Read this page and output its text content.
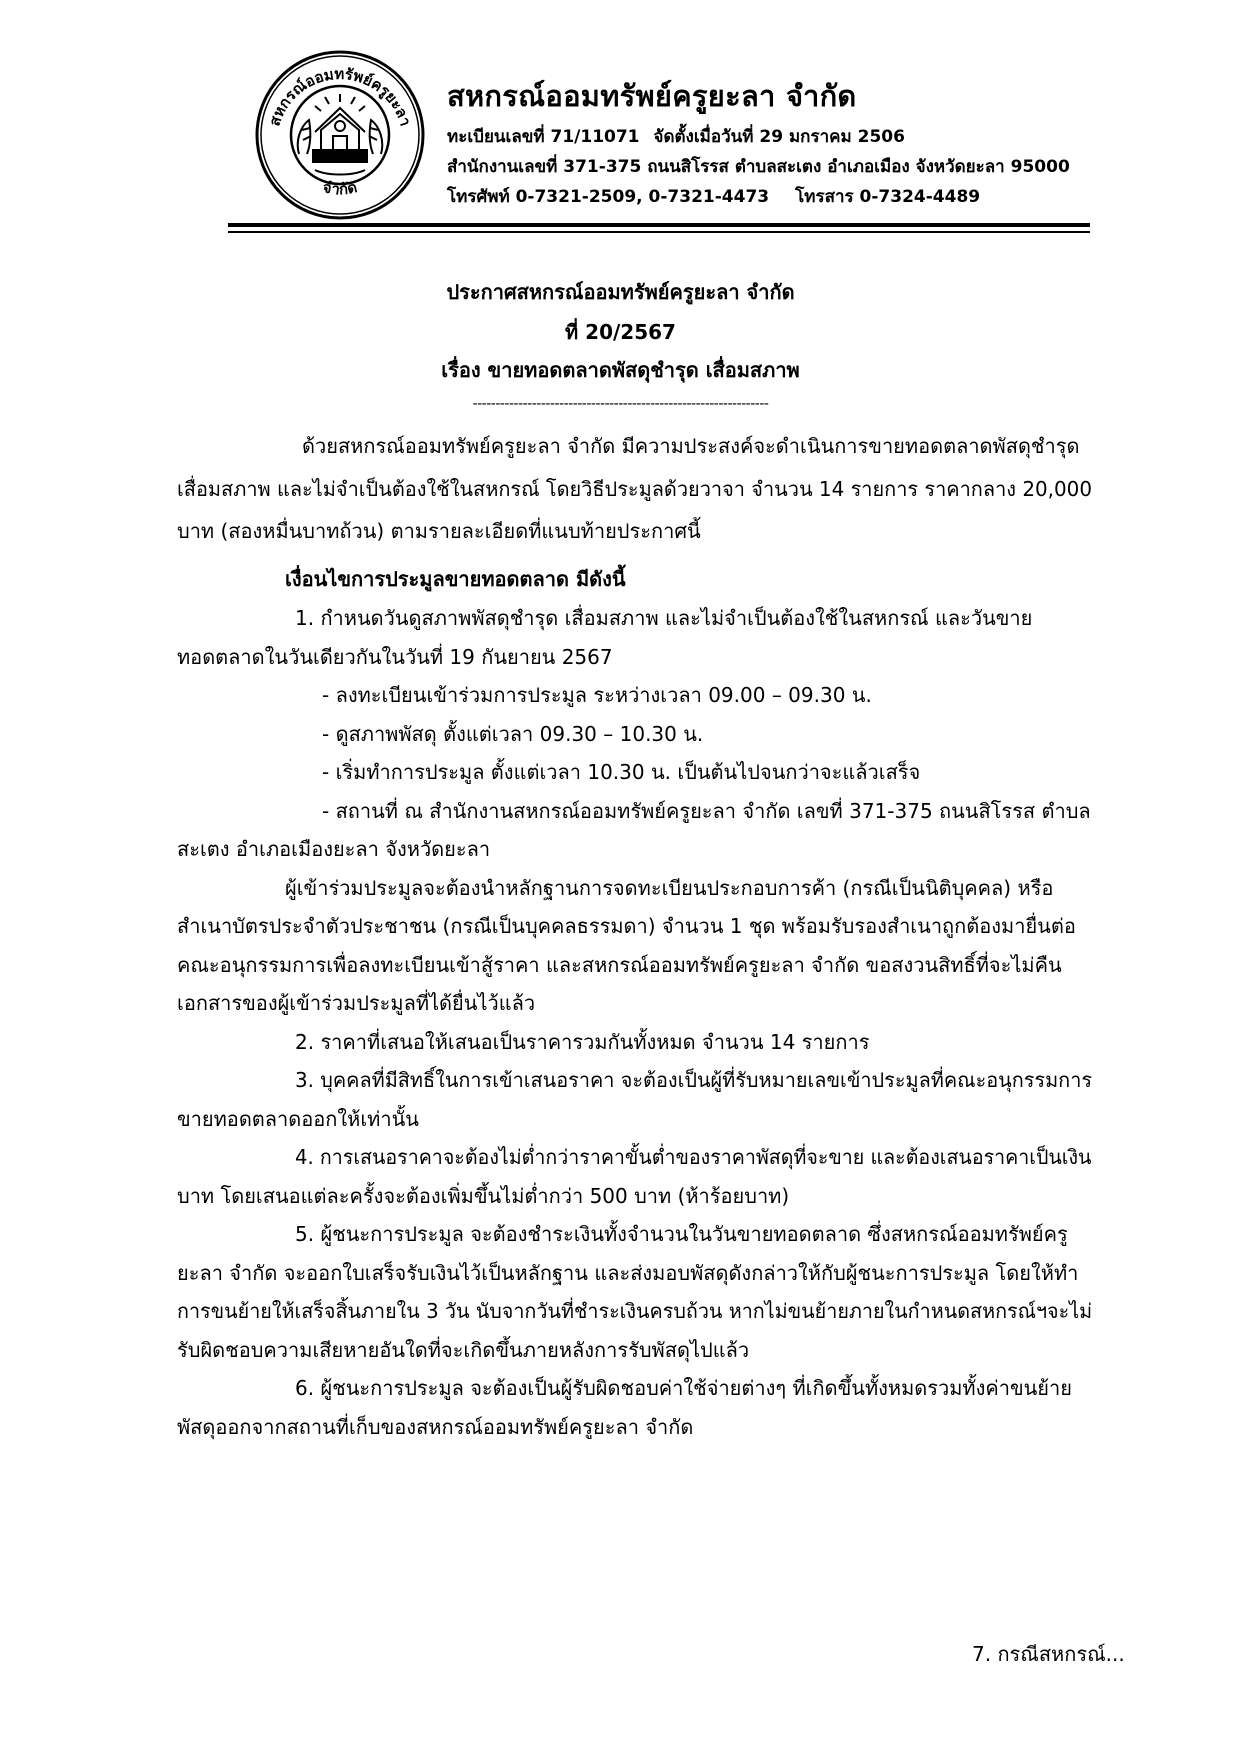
สหกรณ์ออมทรัพย์ครูยะลา
จำกัด
สหกรณ์ออมทรัพย์ครูยะลา จำกัด
ทะเบียนเลขที่ 71/11071 จัดตั้งเมื่อวันที่ 29 มกราคม 2506
สำนักงานเลขที่ 371-375 ถนนสิโรรส ตำบลสะเตง อำเภอเมือง จังหวัดยะลา 95000
โทรศัพท์ 0-7321-2509, 0-7321-4473 โทรสาร 0-7324-4489
ประกาศสหกรณ์ออมทรัพย์ครูยะลา จำกัด
ที่ 20/2567
เรื่อง ขายทอดตลาดพัสดุชำรุด เสื่อมสภาพ
-----------------------------------------------------------------
ด้วยสหกรณ์ออมทรัพย์ครูยะลา จำกัด มีความประสงค์จะดำเนินการขายทอดตลาดพัสดุชำรุด
เสื่อมสภาพ และไม่จำเป็นต้องใช้ในสหกรณ์ โดยวิธีประมูลด้วยวาจา จำนวน 14 รายการ ราคากลาง 20,000
บาท (สองหมื่นบาทถ้วน) ตามรายละเอียดที่แนบท้ายประกาศนี้
เงื่อนไขการประมูลขายทอดตลาด มีดังนี้
1. กำหนดวันดูสภาพพัสดุชำรุด เสื่อมสภาพ และไม่จำเป็นต้องใช้ในสหกรณ์ และวันขาย
ทอดตลาดในวันเดียวกันในวันที่ 19 กันยายน 2567
- ลงทะเบียนเข้าร่วมการประมูล ระหว่างเวลา 09.00 – 09.30 น.
- ดูสภาพพัสดุ ตั้งแต่เวลา 09.30 – 10.30 น.
- เริ่มทำการประมูล ตั้งแต่เวลา 10.30 น. เป็นต้นไปจนกว่าจะแล้วเสร็จ
- สถานที่ ณ สำนักงานสหกรณ์ออมทรัพย์ครูยะลา จำกัด เลขที่ 371-375 ถนนสิโรรส ตำบล
สะเตง อำเภอเมืองยะลา จังหวัดยะลา
ผู้เข้าร่วมประมูลจะต้องนำหลักฐานการจดทะเบียนประกอบการค้า (กรณีเป็นนิติบุคคล) หรือ
สำเนาบัตรประจำตัวประชาชน (กรณีเป็นบุคคลธรรมดา) จำนวน 1 ชุด พร้อมรับรองสำเนาถูกต้องมายื่นต่อ
คณะอนุกรรมการเพื่อลงทะเบียนเข้าสู้ราคา และสหกรณ์ออมทรัพย์ครูยะลา จำกัด ขอสงวนสิทธิ์ที่จะไม่คืน
เอกสารของผู้เข้าร่วมประมูลที่ได้ยื่นไว้แล้ว
2. ราคาที่เสนอให้เสนอเป็นราคารวมกันทั้งหมด จำนวน 14 รายการ
3. บุคคลที่มีสิทธิ์ในการเข้าเสนอราคา จะต้องเป็นผู้ที่รับหมายเลขเข้าประมูลที่คณะอนุกรรมการ
ขายทอดตลาดออกให้เท่านั้น
4. การเสนอราคาจะต้องไม่ต่ำกว่าราคาขั้นต่ำของราคาพัสดุที่จะขาย และต้องเสนอราคาเป็นเงิน
บาท โดยเสนอแต่ละครั้งจะต้องเพิ่มขึ้นไม่ต่ำกว่า 500 บาท (ห้าร้อยบาท)
5. ผู้ชนะการประมูล จะต้องชำระเงินทั้งจำนวนในวันขายทอดตลาด ซึ่งสหกรณ์ออมทรัพย์ครู
ยะลา จำกัด จะออกใบเสร็จรับเงินไว้เป็นหลักฐาน และส่งมอบพัสดุดังกล่าวให้กับผู้ชนะการประมูล โดยให้ทำ
การขนย้ายให้เสร็จสิ้นภายใน 3 วัน นับจากวันที่ชำระเงินครบถ้วน หากไม่ขนย้ายภายในกำหนดสหกรณ์ฯจะไม่
รับผิดชอบความเสียหายอันใดที่จะเกิดขึ้นภายหลังการรับพัสดุไปแล้ว
6. ผู้ชนะการประมูล จะต้องเป็นผู้รับผิดชอบค่าใช้จ่ายต่างๆ ที่เกิดขึ้นทั้งหมดรวมทั้งค่าขนย้าย
พัสดุออกจากสถานที่เก็บของสหกรณ์ออมทรัพย์ครูยะลา จำกัด
7. กรณีสหกรณ์...
